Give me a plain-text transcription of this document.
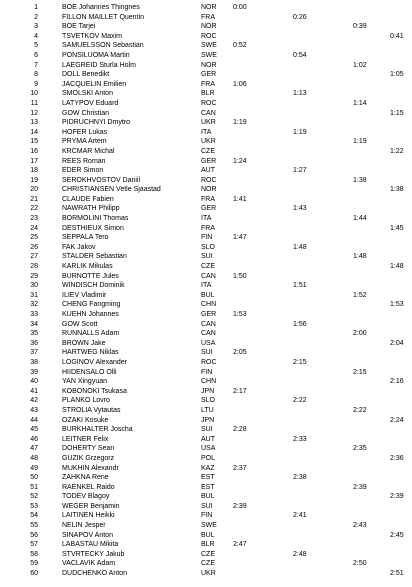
1	BOE Johannes Thingnes	NOR 0:00
2	FILLON MAILLET Quentin	FRA	0:26
3	BOE Tarjei	NOR	0:39
4	TSVETKOV Maxim	ROC	0:41
5	SAMUELSSON Sebastian	SWE 0:52
6	PONSILUOMA Martin	SWE	0:54
7	LAEGREID Sturla Holm	NOR	1:02
8	DOLL Benedikt	GER	1:05
9	JACQUELIN Emilien	FRA	1:06
10	SMOLSKI Anton	BLR	1:13
11	LATYPOV Eduard	ROC	1:14
12	GOW Christian	CAN	1:15
13	PIDRUCHNYI Dmytro	UKR 1:19
14	HOFER Lukas	ITA	1:19
15	PRYMA Artem	UKR	1:19
16	KRCMAR Michal	CZE	1:22
17	REES Roman	GER 1:24
18	EDER Simon	AUT	1:27
19	SEROKHVOSTOV Daniil	ROC	1:38
20	CHRISTIANSEN Vetle Sjaastad	NOR	1:38
21	CLAUDE Fabien	FRA	1:41
22	NAWRATH Philipp	GER	1:43
23	BORMOLINI Thomas	ITA	1:44
24	DESTHIEUX Simon	FRA	1:45
25	SEPPALA Tero	FIN	1:47
26	FAK Jakov	SLO	1:48
27	STALDER Sebastian	SUI	1:48
28	KARLIK Mikulas	CZE	1:48
29	BURNOTTE Jules	CAN 1:50
30	WINDISCH Dominik	ITA	1:51
31	ILIEV Vladimir	BUL	1:52
32	CHENG Fangming	CHN	1:53
33	KUEHN Johannes	GER 1:53
34	GOW Scott	CAN	1:56
35	RUNNALLS Adam	CAN	2:00
36	BROWN Jake	USA	2:04
37	HARTWEG Niklas	SUI	2:05
38	LOGINOV Alexander	ROC	2:15
39	HIIDENSALO Olli	FIN	2:15
40	YAN Xingyuan	CHN	2:16
41	KOBONOKI Tsukasa	JPN	2:17
42	PLANKO Lovro	SLO	2:22
43	STROLIA Vytautas	LTU	2:22
44	OZAKI Kosuke	JPN	2:24
45	BURKHALTER Joscha	SUI	2:28
46	LEITNER Felix	AUT	2:33
47	DOHERTY Sean	USA	2:35
48	GUZIK Grzegorz	POL	2:36
49	MUKHIN Alexandr	KAZ	2:37
50	ZAHKNA Rene	EST	2:38
51	RAENKEL Raido	EST	2:39
52	TODEV Blagoy	BUL	2:39
53	WEGER Benjamin	SUI	2:39
54	LAITINEN Heikki	FIN	2:41
55	NELIN Jesper	SWE	2:43
56	SINAPOV Anton	BUL	2:45
57	LABASTAU Mikita	BLR	2:47
58	STVRTECKY Jakub	CZE	2:48
59	VACLAVIK Adam	CZE	2:50
60	DUDCHENKO Anton	UKR	2:51
